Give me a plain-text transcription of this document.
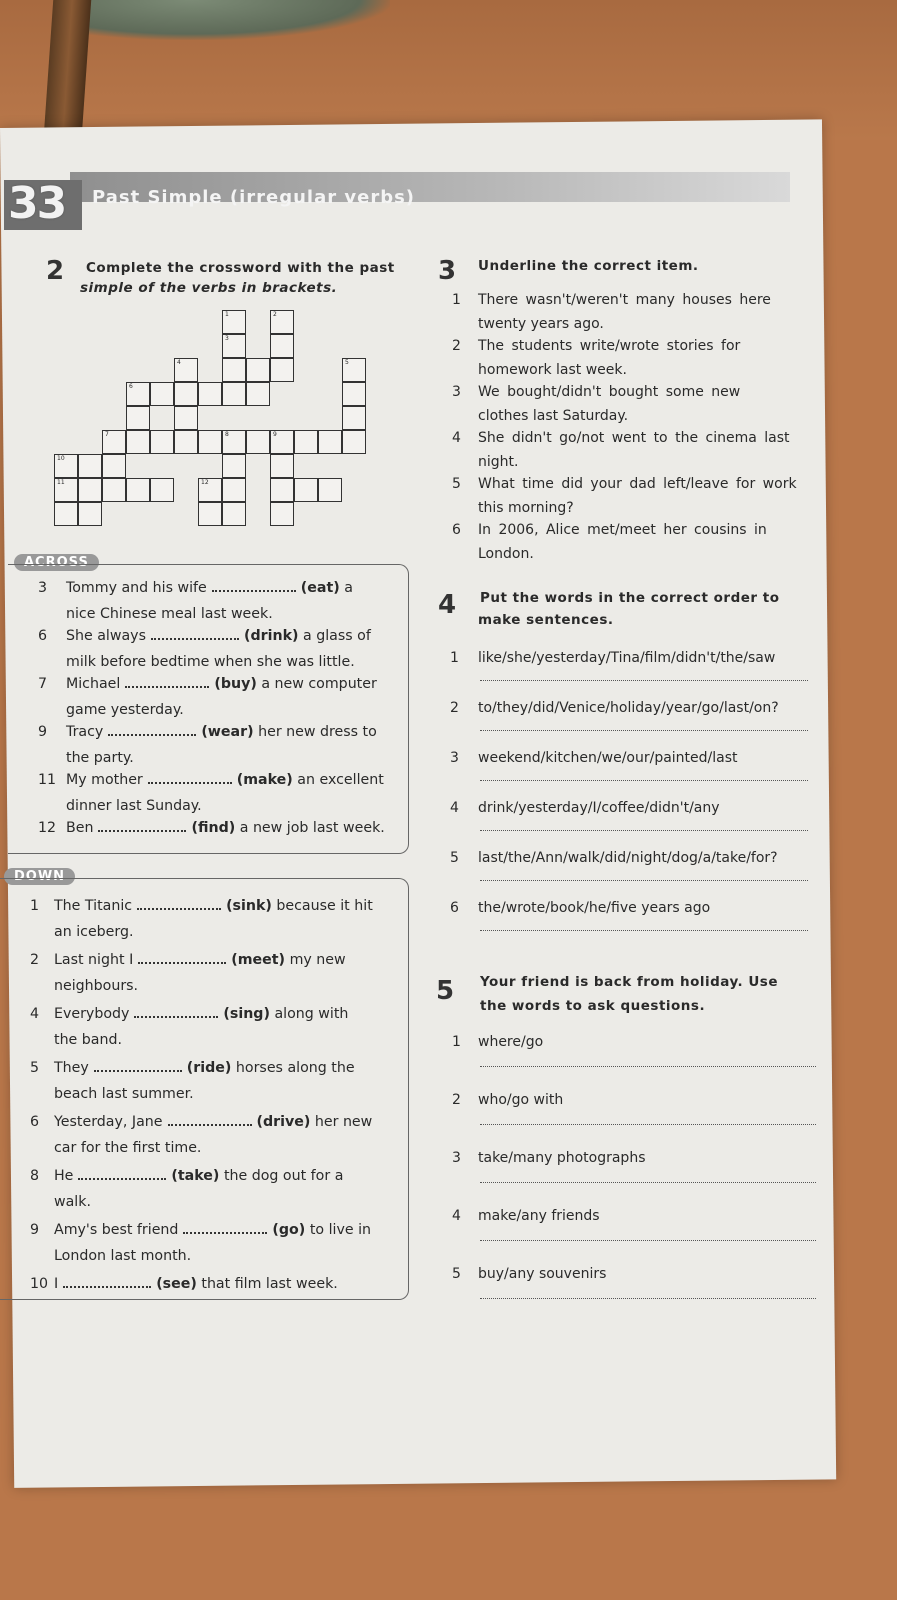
33 Past Simple (irregular verbs)
2 Complete the crossword with the past
simple of the verbs in brackets.
1	2
3
4	5
6
7	8	9
10
11	12
ACROSS
3 Tommy and his wife	(eat) a
nice Chinese meal last week.
6 She always	(drink) a glass of
milk before bedtime when she was little.
7 Michael	(buy) a new computer
game yesterday.
9 Tracy	(wear) her new dress to
the party.
11 My mother	(make) an excellent
dinner last Sunday.
12 Ben	(find) a new job last week.
DOWN
1 The Titanic	(sink) because it hit
an iceberg.
2 Last night I	(meet) my new
neighbours.
4 Everybody	(sing) along with
the band.
5 They	(ride) horses along the
beach last summer.
6 Yesterday, Jane	(drive) her new
car for the first time.
8 He	(take) the dog out for a
walk.
9 Amy's best friend	(go) to live in
London last month.
10 I	(see) that film last week.
3 Underline the correct item.
1 There wasn't/weren't many houses here
twenty years ago.
2 The students write/wrote stories for
homework last week.
3 We bought/didn't bought some new
clothes last Saturday.
4 She didn't go/not went to the cinema last
night.
5 What time did your dad left/leave for work
this morning?
6 In 2006, Alice met/meet her cousins in
London.
4 Put the words in the correct order to
make sentences.
1 like/she/yesterday/Tina/film/didn't/the/saw
2 to/they/did/Venice/holiday/year/go/last/on?
3 weekend/kitchen/we/our/painted/last
4 drink/yesterday/I/coffee/didn't/any
5 last/the/Ann/walk/did/night/dog/a/take/for?
6 the/wrote/book/he/five years ago
5 Your friend is back from holiday. Use
the words to ask questions.
1 where/go
2 who/go with
3 take/many photographs
4 make/any friends
5 buy/any souvenirs
